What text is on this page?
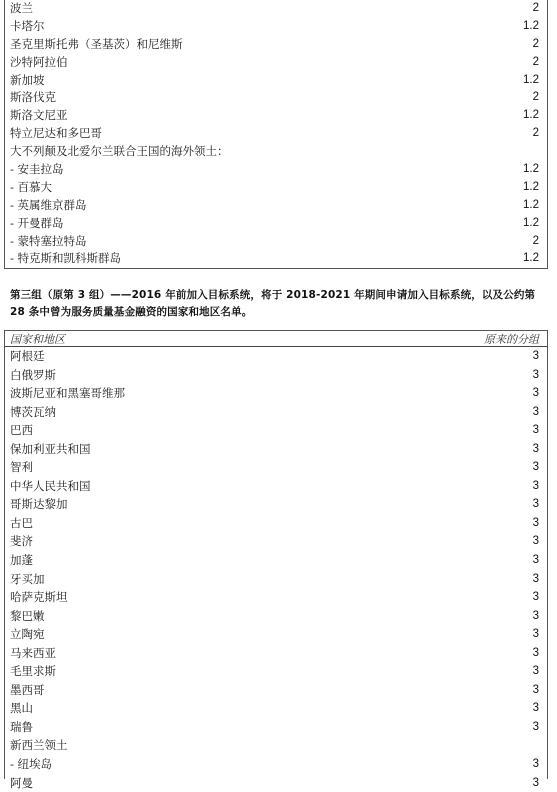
波兰	2
卡塔尔	1.2
圣克里斯托弗（圣基茨）和尼维斯	2
沙特阿拉伯	2
新加坡	1.2
斯洛伐克	2
斯洛文尼亚	1.2
特立尼达和多巴哥	2
大不列颠及北爱尔兰联合王国的海外领土：
- 安圭拉岛	1.2
- 百慕大	1.2
- 英属维京群岛	1.2
- 开曼群岛	1.2
- 蒙特塞拉特岛	2
- 特克斯和凯科斯群岛	1.2
第三组（原第 3 组）——2016 年前加入目标系统，将于 2018-2021 年期间申请加入目标系统，以及公约第
28 条中曾为服务质量基金融资的国家和地区名单。
国家和地区	原来的分组
阿根廷	3
白俄罗斯	3
波斯尼亚和黑塞哥维那	3
博茨瓦纳	3
巴西	3
保加利亚共和国	3
智利	3
中华人民共和国	3
哥斯达黎加	3
古巴	3
斐济	3
加蓬	3
牙买加	3
哈萨克斯坦	3
黎巴嫩	3
立陶宛	3
马来西亚	3
毛里求斯	3
墨西哥	3
黑山	3
瑞鲁	3
新西兰领土
- 纽埃岛	3
阿曼	3
